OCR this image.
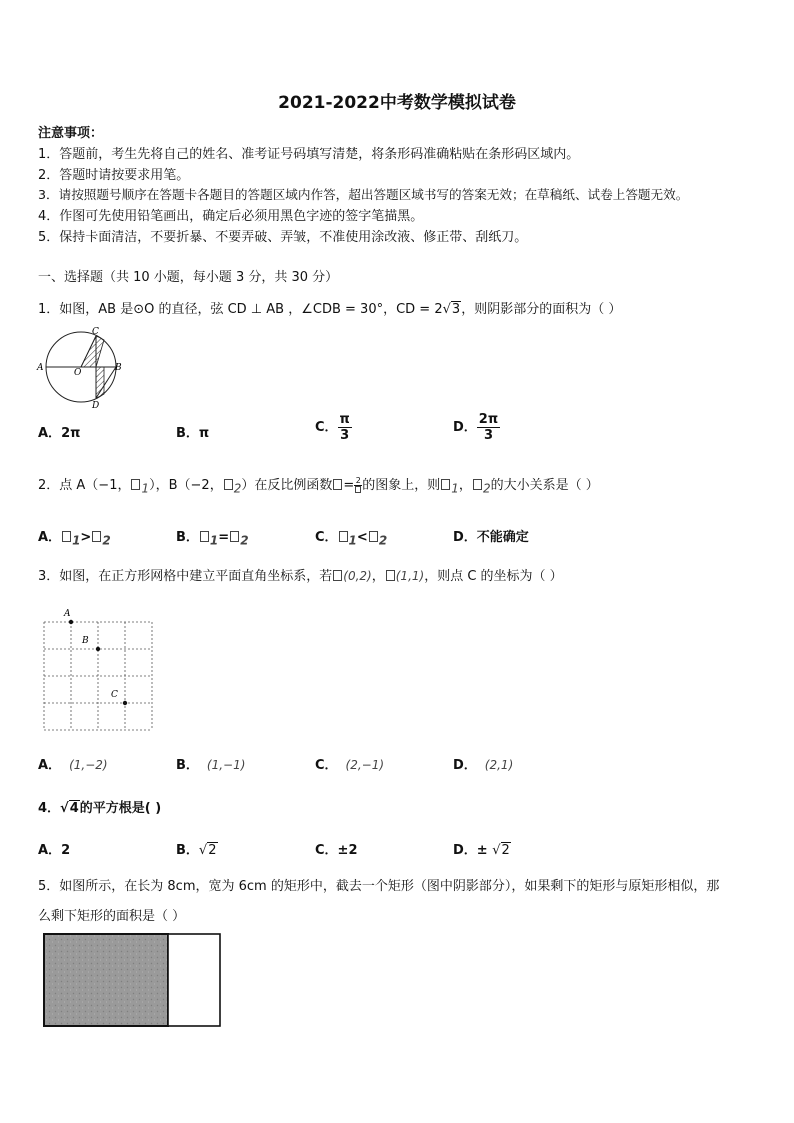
2021-2022中考数学模拟试卷
注意事项：
1．答题前，考生先将自己的姓名、准考证号码填写清楚，将条形码准确粘贴在条形码区域内。
2．答题时请按要求用笔。
3．请按照题号顺序在答题卡各题目的答题区域内作答，超出答题区域书写的答案无效；在草稿纸、试卷上答题无效。
4．作图可先使用铅笔画出，确定后必须用黑色字迹的签字笔描黑。
5．保持卡面清洁，不要折暴、不要弄破、弄皱，不准使用涂改液、修正带、刮纸刀。
一、选择题（共 10 小题，每小题 3 分，共 30 分）
1．如图，AB 是⊙O 的直径，弦 CD ⊥ AB ，∠CDB = 30°，CD = 2√3，则阴影部分的面积为（ ）
C
A	O	B
D
A．2π	B．π	C． $\frac{\pi}{3}$	D． $\frac{2\pi}{3}$
2．点 A（−1， $_1$），B（−2， $_2$）在反比例函数 = 2 的图象上，则 $_1$， $_2$的大小关系是（ ）
A． $_1$> $_2$	B． $_1$= $_2$	C． $_1$< $_2$	D．不能确定
3．如图，在正方形网格中建立平面直角坐标系，若 (0,2)， (1,1)，则点 C 的坐标为（ ）
A
B
C
A． (1,−2)	B． (1,−1)	C． (2,−1)	D． (2,1)
4．√4的平方根是( )
A．2	B．√2	C．±2	D．± √2
5．如图所示，在长为 8cm，宽为 6cm 的矩形中，截去一个矩形（图中阴影部分），如果剩下的矩形与原矩形相似，那
么剩下矩形的面积是（ ）
